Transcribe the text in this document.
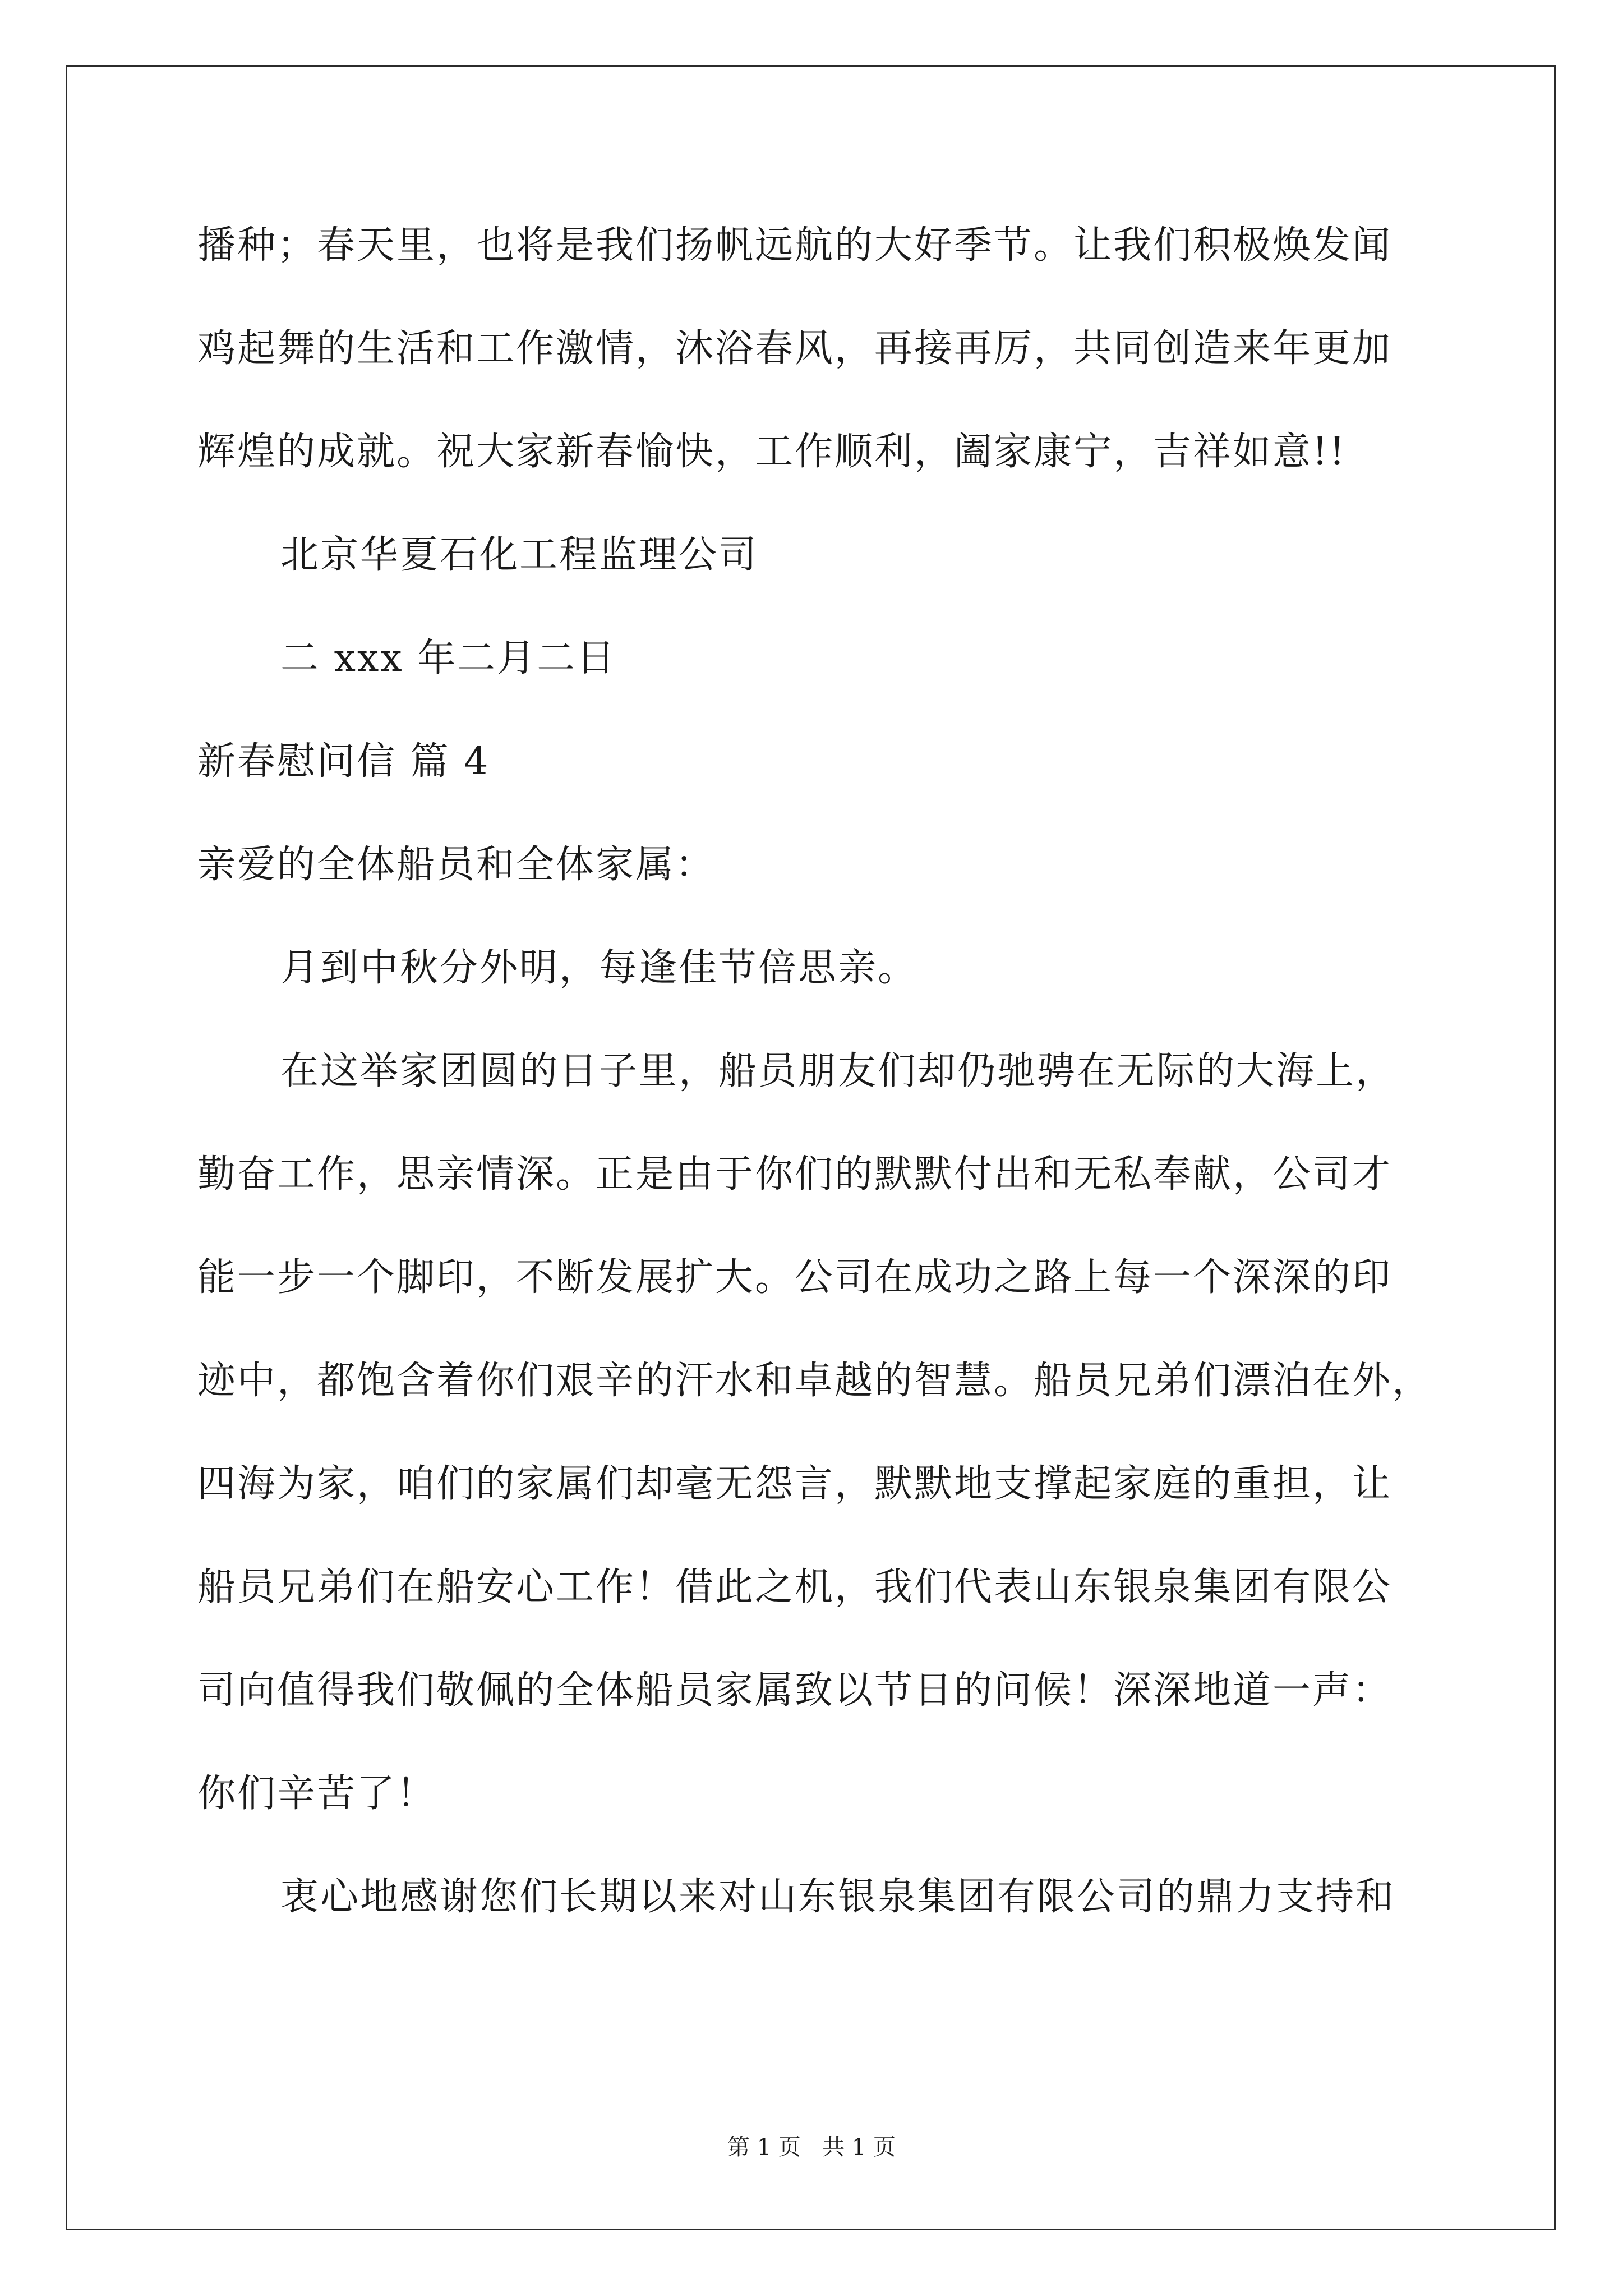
播种；春天里，也将是我们扬帆远航的大好季节。让我们积极焕发闻
鸡起舞的生活和工作激情，沐浴春风，再接再厉，共同创造来年更加
辉煌的成就。祝大家新春愉快，工作顺利，阖家康宁，吉祥如意!!
北京华夏石化工程监理公司
二 xxx 年二月二日
新春慰问信 篇 4
亲爱的全体船员和全体家属：
月到中秋分外明，每逢佳节倍思亲。
在这举家团圆的日子里，船员朋友们却仍驰骋在无际的大海上，
勤奋工作，思亲情深。正是由于你们的默默付出和无私奉献，公司才
能一步一个脚印，不断发展扩大。公司在成功之路上每一个深深的印
迹中，都饱含着你们艰辛的汗水和卓越的智慧。船员兄弟们漂泊在外，
四海为家，咱们的家属们却毫无怨言，默默地支撑起家庭的重担，让
船员兄弟们在船安心工作！借此之机，我们代表山东银泉集团有限公
司向值得我们敬佩的全体船员家属致以节日的问候！深深地道一声：
你们辛苦了！
衷心地感谢您们长期以来对山东银泉集团有限公司的鼎力支持和
第 1 页   共 1 页
